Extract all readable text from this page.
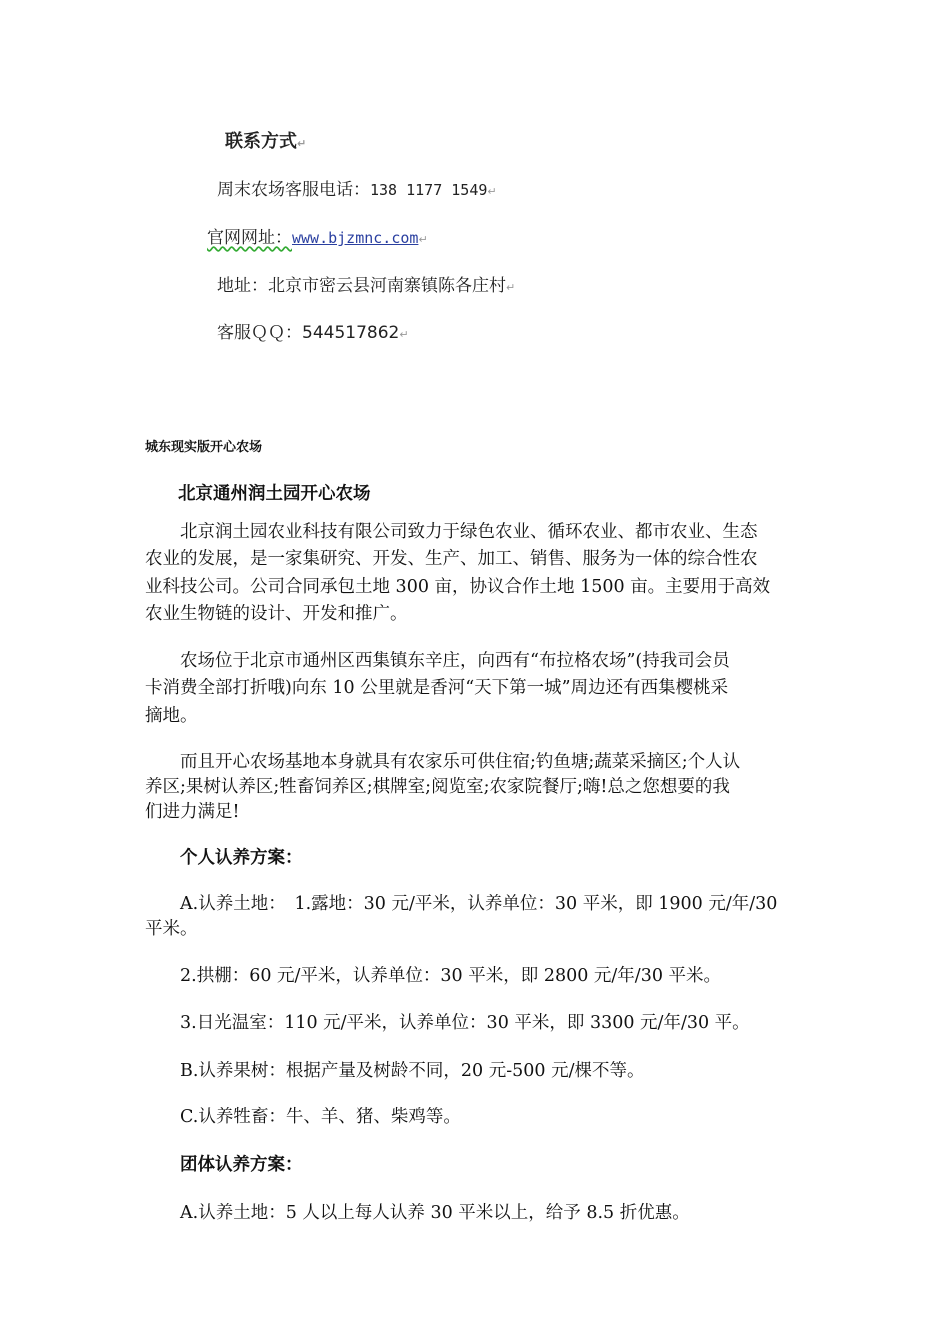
联系方式↵
周末农场客服电话：138 1177 1549↵
官网网址：www.bjzmnc.com↵
地址：北京市密云县河南寨镇陈各庄村↵
客服ＱＱ：544517862↵
城东现实版开心农场
北京通州润土园开心农场
　　北京润土园农业科技有限公司致力于绿色农业、循环农业、都市农业、生态
农业的发展，是一家集研究、开发、生产、加工、销售、服务为一体的综合性农
业科技公司。公司合同承包土地 300 亩，协议合作土地 1500 亩。主要用于高效
农业生物链的设计、开发和推广。
　　农场位于北京市通州区西集镇东辛庄，向西有“布拉格农场”(持我司会员
卡消费全部打折哦)向东 10 公里就是香河“天下第一城”周边还有西集樱桃采
摘地。
　　而且开心农场基地本身就具有农家乐可供住宿;钓鱼塘;蔬菜采摘区;个人认
养区;果树认养区;牲畜饲养区;棋牌室;阅览室;农家院餐厅;嗨!总之您想要的我
们进力满足!
个人认养方案：
A.认养土地：　1.露地：30 元/平米，认养单位：30 平米，即 1900 元/年/30
平米。
2.拱棚：60 元/平米，认养单位：30 平米，即 2800 元/年/30 平米。
3.日光温室：110 元/平米，认养单位：30 平米，即 3300 元/年/30 平。
B.认养果树：根据产量及树龄不同，20 元-500 元/棵不等。
C.认养牲畜：牛、羊、猪、柴鸡等。
团体认养方案：
A.认养土地：5 人以上每人认养 30 平米以上，给予 8.5 折优惠。
